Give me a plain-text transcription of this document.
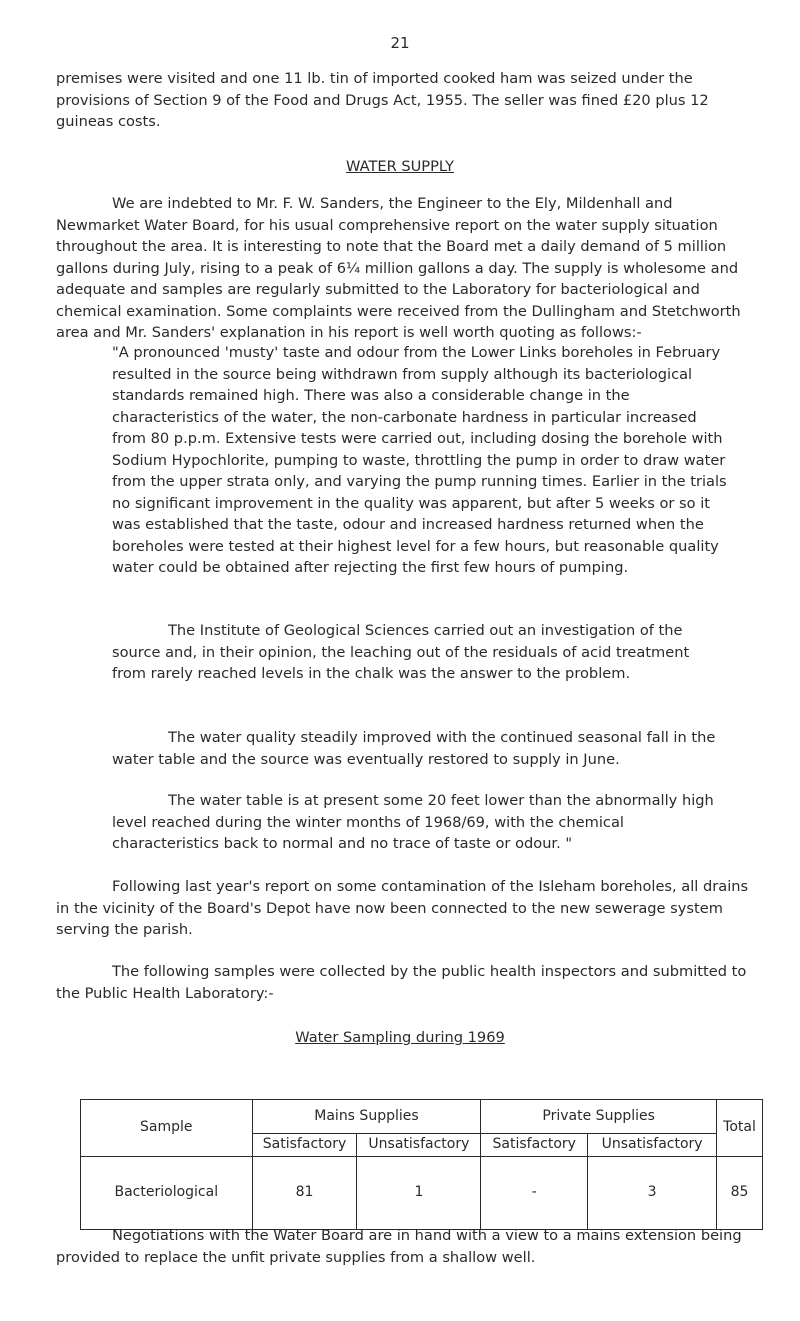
21

premises were visited and one 11 lb. tin of imported cooked ham was seized under the provisions of Section 9 of the Food and Drugs Act, 1955. The seller was fined £20 plus 12 guineas costs.

WATER SUPPLY

We are indebted to Mr. F. W. Sanders, the Engineer to the Ely, Mildenhall and Newmarket Water Board, for his usual comprehensive report on the water supply situation throughout the area. It is interesting to note that the Board met a daily demand of 5 million gallons during July, rising to a peak of 6¼ million gallons a day. The supply is wholesome and adequate and samples are regularly submitted to the Laboratory for bacteriological and chemical examination. Some complaints were received from the Dullingham and Stetchworth area and Mr. Sanders' explanation in his report is well worth quoting as follows:-

"A pronounced 'musty' taste and odour from the Lower Links boreholes in February resulted in the source being withdrawn from supply although its bacteriological standards remained high. There was also a considerable change in the characteristics of the water, the non-carbonate hardness in particular increased from 80 p.p.m. Extensive tests were carried out, including dosing the borehole with Sodium Hypochlorite, pumping to waste, throttling the pump in order to draw water from the upper strata only, and varying the pump running times. Earlier in the trials no significant improvement in the quality was apparent, but after 5 weeks or so it was established that the taste, odour and increased hardness returned when the boreholes were tested at their highest level for a few hours, but reasonable quality water could be obtained after rejecting the first few hours of pumping.

The Institute of Geological Sciences carried out an investigation of the source and, in their opinion, the leaching out of the residuals of acid treatment from rarely reached levels in the chalk was the answer to the problem.

The water quality steadily improved with the continued seasonal fall in the water table and the source was eventually restored to supply in June.

The water table is at present some 20 feet lower than the abnormally high level reached during the winter months of 1968/69, with the chemical characteristics back to normal and no trace of taste or odour. "

Following last year's report on some contamination of the Isleham boreholes, all drains in the vicinity of the Board's Depot have now been connected to the new sewerage system serving the parish.

The following samples were collected by the public health inspectors and submitted to the Public Health Laboratory:-

Water Sampling during 1969

Sample	Mains Supplies		Private Supplies		Total
	Satisfactory	Unsatisfactory	Satisfactory	Unsatisfactory	
Bacteriological	81	1	-	3	85

Negotiations with the Water Board are in hand with a view to a mains extension being provided to replace the unfit private supplies from a shallow well.
